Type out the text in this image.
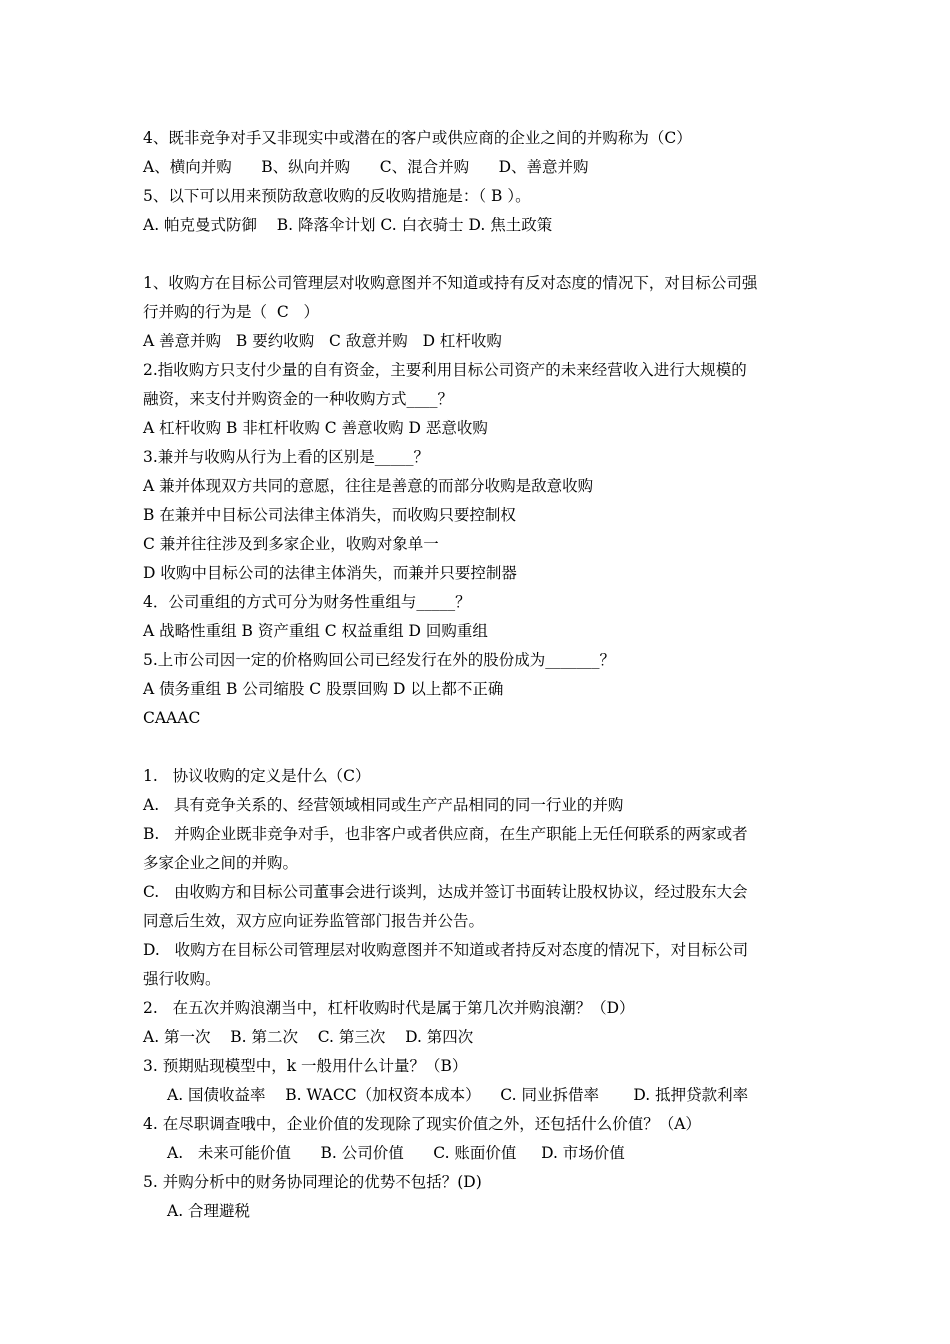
4、既非竞争对手又非现实中或潜在的客户或供应商的企业之间的并购称为（C）
A、横向并购      B、纵向并购      C、混合并购      D、善意并购
5、以下可以用来预防敌意收购的反收购措施是：（ B ）。
A. 帕克曼式防御    B. 降落伞计划 C. 白衣骑士 D. 焦土政策
1、收购方在目标公司管理层对收购意图并不知道或持有反对态度的情况下，对目标公司强
行并购的行为是（  C   ）
A 善意并购   B 要约收购   C 敌意并购   D 杠杆收购
2.指收购方只支付少量的自有资金，主要利用目标公司资产的未来经营收入进行大规模的
融资，来支付并购资金的一种收购方式____？
A 杠杆收购 B 非杠杆收购 C 善意收购 D 恶意收购
3.兼并与收购从行为上看的区别是_____？
A 兼并体现双方共同的意愿，往往是善意的而部分收购是敌意收购
B 在兼并中目标公司法律主体消失，而收购只要控制权
C 兼并往往涉及到多家企业，收购对象单一
D 收购中目标公司的法律主体消失，而兼并只要控制器
4．公司重组的方式可分为财务性重组与_____？
A 战略性重组 B 资产重组 C 权益重组 D 回购重组
5.上市公司因一定的价格购回公司已经发行在外的股份成为_______？
A 债务重组 B 公司缩股 C 股票回购 D 以上都不正确
CAAAC
1.   协议收购的定义是什么（C）
A.   具有竞争关系的、经营领域相同或生产产品相同的同一行业的并购
B.   并购企业既非竞争对手，也非客户或者供应商，在生产职能上无任何联系的两家或者
多家企业之间的并购。
C.   由收购方和目标公司董事会进行谈判，达成并签订书面转让股权协议，经过股东大会
同意后生效，双方应向证券监管部门报告并公告。
D.   收购方在目标公司管理层对收购意图并不知道或者持反对态度的情况下，对目标公司
强行收购。
2.   在五次并购浪潮当中，杠杆收购时代是属于第几次并购浪潮？（D）
A. 第一次    B. 第二次    C. 第三次    D. 第四次
3. 预期贴现模型中，k 一般用什么计量？（B）
A. 国债收益率    B. WACC（加权资本成本）    C. 同业拆借率       D. 抵押贷款利率
4. 在尽职调查哦中，企业价值的发现除了现实价值之外，还包括什么价值？（A）
A.   未来可能价值      B. 公司价值      C. 账面价值     D. 市场价值
5. 并购分析中的财务协同理论的优势不包括？(D)
A. 合理避税
